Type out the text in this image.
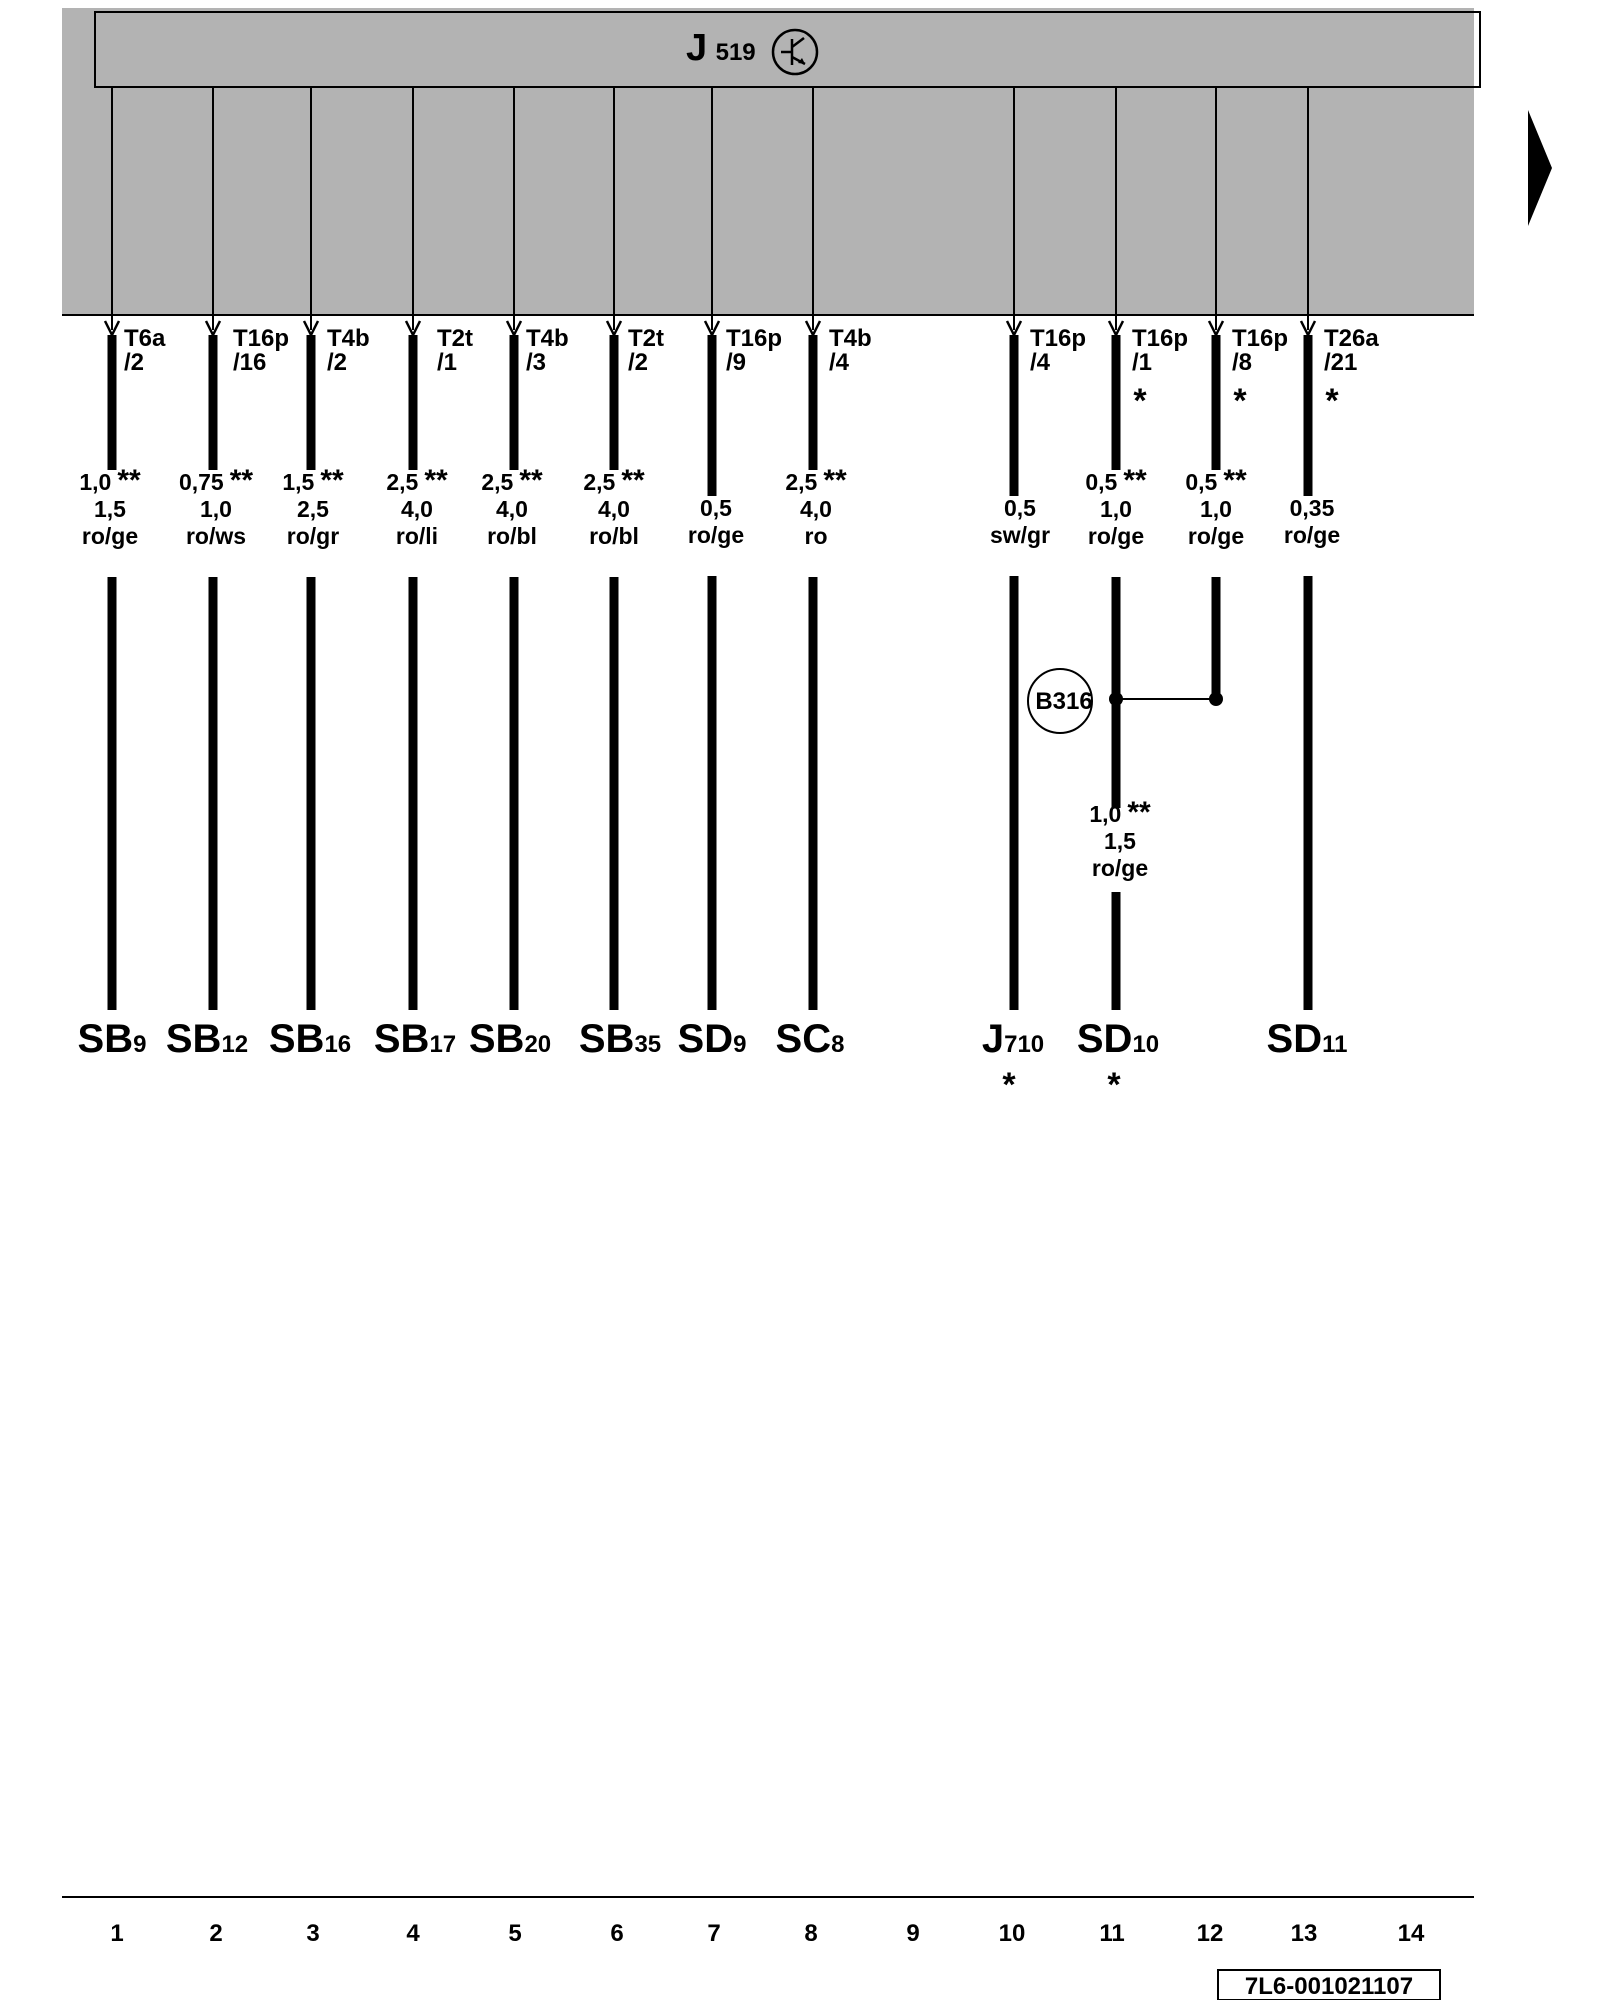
J 519
T6a /2
1,0 ** 1,5 ro/ge
SB9
T16p /16
0,75 ** 1,0 ro/ws
SB12
T4b /2
1,5 ** 2,5 ro/gr
SB16
T2t /1
2,5 ** 4,0 ro/li
SB17
T4b /3
2,5 ** 4,0 ro/bl
SB20
T2t /2
2,5 ** 4,0 ro/bl
SB35
T16p /9
0,5 ro/ge
SD9
T4b /4
2,5 ** 4,0 ro
SC8
T16p /4
0,5 sw/gr
J710
*
T16p /1
*
0,5 ** 1,0 ro/ge
SD10
*
T16p /8
*
0,5 ** 1,0 ro/ge
T26a /21
*
0,35 ro/ge
SD11
B316
1,0 ** 1,5 ro/ge
1	2	3	4	5	6	7	8	9	10	11	12	13	14
7L6-001021107
